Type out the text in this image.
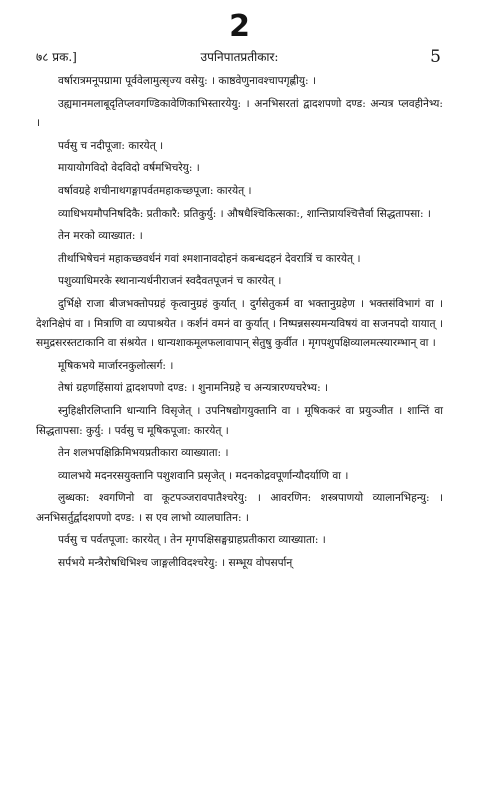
2
७८ प्रक.]	उपनिपातप्रतीकार:	5

वर्षारात्रमनूपग्रामा पूर्ववेलामुत्सृज्य वसेयु: । काष्ठवेणुनावश्चापगृह्णीयु: ।

उह्यमानमलाबूदृतिप्लवगण्डिकावेणिकाभिस्तारयेयु: । अनभिसरतां द्वादशपणो दण्ड: अन्यत्र प्लवहीनेभ्य: ।

पर्वसु च नदीपूजा: कारयेत् ।

मायायोगविदो वेदविदो वर्षमभिचरेयु: ।

वर्षावग्रहे शचीनाथगङ्गापर्वतमहाकच्छपूजा: कारयेत् ।

व्याधिभयमौपनिषदिकै: प्रतीकारै: प्रतिकुर्यु: । औषधैश्चिकित्सका:, शान्तिप्रायश्चित्तैर्वा सिद्धतापसा: ।

तेन मरको व्याख्यात: ।

तीर्थाभिषेचनं महाकच्छवर्धनं गवां श्मशानावदोहनं कबन्धदहनं देवरात्रिं च कारयेत् ।

पशुव्याधिमरके स्थानान्यर्धनीराजनं स्वदैवतपूजनं च कारयेत् ।

दुर्भिक्षे राजा बीजभक्तोपग्रहं कृत्वानुग्रहं कुर्यात् । दुर्गसेतुकर्म वा भक्तानुग्रहेण । भक्तसंविभागं वा । देशनिक्षेपं वा । मित्राणि वा व्यपाश्रयेत । कर्शनं वमनं वा कुर्यात् । निष्पन्नसस्यमन्यविषयं वा सजनपदो यायात् । समुद्रसरस्तटाकानि वा संश्रयेत । धान्यशाकमूलफलावापान् सेतुषु कुर्वीत । मृगपशुपक्षिव्यालमत्स्यारम्भान् वा ।

मूषिकभये मार्जारनकुलोत्सर्ग: ।

तेषां ग्रहणहिंसायां द्वादशपणो दण्ड: । शुनामनिग्रहे च अन्यत्रारण्यचरेभ्य: ।

स्नुहिक्षीरलिप्तानि धान्यानि विसृजेत् । उपनिषद्योगयुक्तानि वा । मूषिककरं वा प्रयुञ्जीत । शान्तिं वा सिद्धतापसा: कुर्यु: । पर्वसु च मूषिकपूजा: कारयेत् ।

तेन शलभपक्षिक्रिमिभयप्रतीकारा व्याख्याता: ।

व्यालभये मदनरसयुक्तानि पशुशवानि प्रसृजेत् । मदनकोद्रवपूर्णान्यौदर्याणि वा ।

लुब्धका: श्वगणिनो वा कूटपञ्जरावपातैश्चरेयु: । आवरणिन: शस्त्रपाणयो व्यालानभिहन्यु: । अनभिसर्तुर्द्वादशपणो दण्ड: । स एव लाभो व्यालघातिन: ।

पर्वसु च पर्वतपूजा: कारयेत् । तेन मृगपक्षिसङ्घग्राहप्रतीकारा व्याख्याता: ।

सर्पभये मन्त्रैरोषधिभिश्च जाङ्गलीविदश्चरेयु: । सम्भूय वोपसर्पान्
